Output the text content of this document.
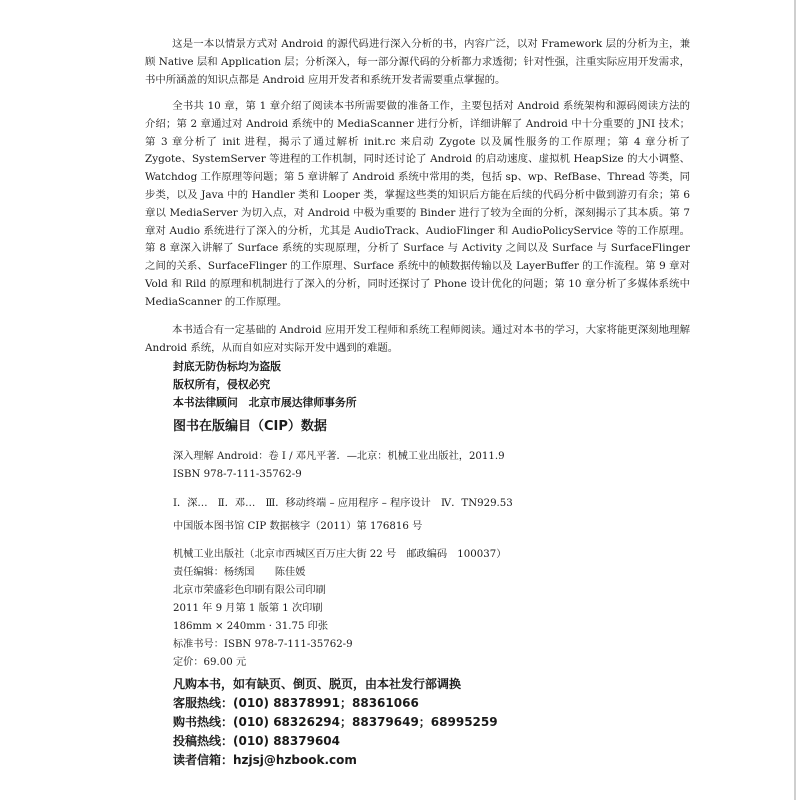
这是一本以情景方式对 Android 的源代码进行深入分析的书，内容广泛，以对 Framework 层的分析为主，兼顾 Native 层和 Application 层；分析深入，每一部分源代码的分析都力求透彻；针对性强，注重实际应用开发需求，书中所涵盖的知识点都是 Android 应用开发者和系统开发者需要重点掌握的。
全书共 10 章，第 1 章介绍了阅读本书所需要做的准备工作，主要包括对 Android 系统架构和源码阅读方法的介绍；第 2 章通过对 Android 系统中的 MediaScanner 进行分析，详细讲解了 Android 中十分重要的 JNI 技术；第 3 章分析了 init 进程，揭示了通过解析 init.rc 来启动 Zygote 以及属性服务的工作原理；第 4 章分析了 Zygote、SystemServer 等进程的工作机制，同时还讨论了 Android 的启动速度、虚拟机 HeapSize 的大小调整、Watchdog 工作原理等问题；第 5 章讲解了 Android 系统中常用的类，包括 sp、wp、RefBase、Thread 等类，同步类，以及 Java 中的 Handler 类和 Looper 类，掌握这些类的知识后方能在后续的代码分析中做到游刃有余；第 6 章以 MediaServer 为切入点，对 Android 中极为重要的 Binder 进行了较为全面的分析，深刻揭示了其本质。第 7 章对 Audio 系统进行了深入的分析，尤其是 AudioTrack、AudioFlinger 和 AudioPolicyService 等的工作原理。第 8 章深入讲解了 Surface 系统的实现原理，分析了 Surface 与 Activity 之间以及 Surface 与 SurfaceFlinger 之间的关系、SurfaceFlinger 的工作原理、Surface 系统中的帧数据传输以及 LayerBuffer 的工作流程。第 9 章对 Vold 和 Rild 的原理和机制进行了深入的分析，同时还探讨了 Phone 设计优化的问题；第 10 章分析了多媒体系统中 MediaScanner 的工作原理。
本书适合有一定基础的 Android 应用开发工程师和系统工程师阅读。通过对本书的学习，大家将能更深刻地理解 Android 系统，从而自如应对实际开发中遇到的难题。
封底无防伪标均为盗版
版权所有，侵权必究
本书法律顾问　北京市展达律师事务所
图书在版编目（CIP）数据
深入理解 Android：卷 I / 邓凡平著．—北京：机械工业出版社，2011.9
ISBN 978-7-111-35762-9
Ⅰ．深…　Ⅱ．邓…　Ⅲ．移动终端 – 应用程序 – 程序设计　Ⅳ．TN929.53
中国版本图书馆 CIP 数据核字（2011）第 176816 号
机械工业出版社（北京市西城区百万庄大街 22 号　邮政编码　100037）
责任编辑：杨绣国　　陈佳媛
北京市荣盛彩色印刷有限公司印刷
2011 年 9 月第 1 版第 1 次印刷
186mm × 240mm · 31.75 印张
标准书号：ISBN 978-7-111-35762-9
定价：69.00 元
凡购本书，如有缺页、倒页、脱页，由本社发行部调换
客服热线：(010) 88378991；88361066
购书热线：(010) 68326294；88379649；68995259
投稿热线：(010) 88379604
读者信箱：hzjsj@hzbook.com
